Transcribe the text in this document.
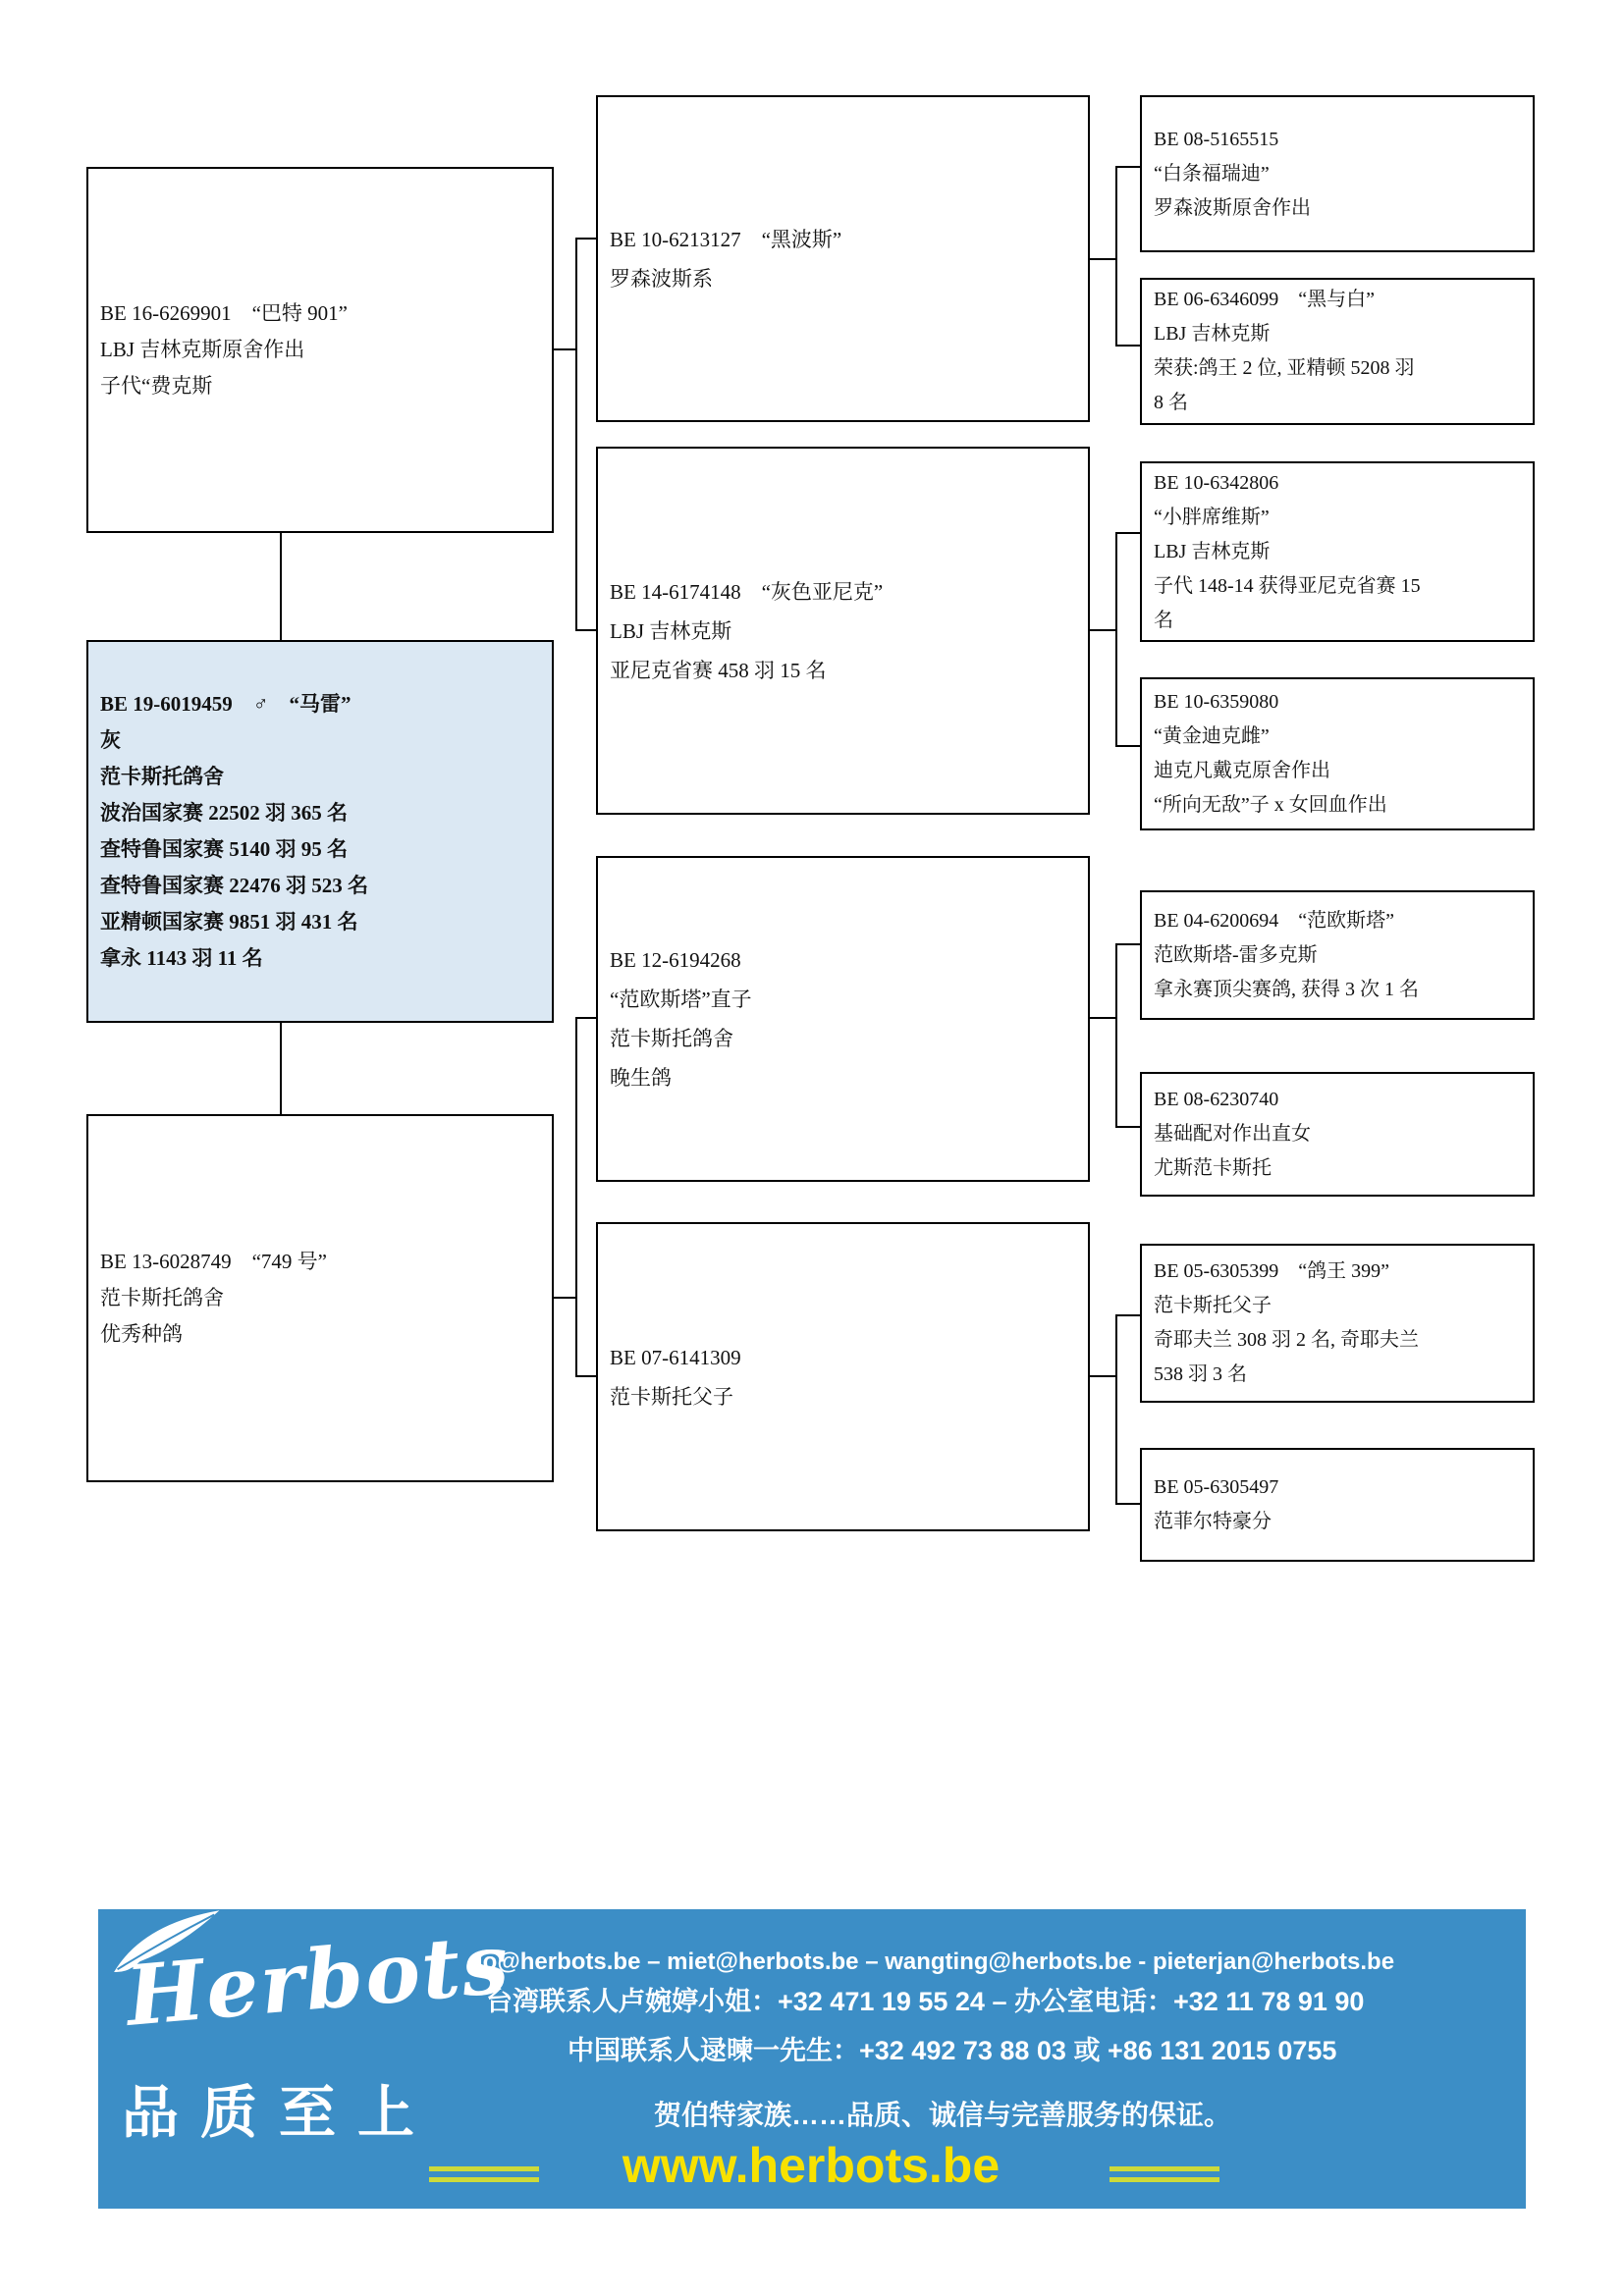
BE 16-6269901　“巴特 901”
LBJ 吉林克斯原舍作出
子代“费克斯
BE 19-6019459　♂　“马雷”
灰
范卡斯托鸽舍
波治国家赛 22502 羽 365 名
查特鲁国家赛 5140 羽 95 名
查特鲁国家赛 22476 羽 523 名
亚精顿国家赛 9851 羽 431 名
拿永 1143 羽 11 名
BE 13-6028749　“749 号”
范卡斯托鸽舍
优秀种鸽
BE 10-6213127　“黑波斯”
罗森波斯系
BE 14-6174148　“灰色亚尼克”
LBJ 吉林克斯
亚尼克省赛 458 羽 15 名
BE 12-6194268
“范欧斯塔”直子
范卡斯托鸽舍
晚生鸽
BE 07-6141309
范卡斯托父子
BE 08-5165515
“白条福瑞迪”
罗森波斯原舍作出
BE 06-6346099　“黑与白”
LBJ 吉林克斯
荣获:鸽王 2 位, 亚精顿 5208 羽
8 名
BE 10-6342806
“小胖席维斯”
LBJ 吉林克斯
子代 148-14 获得亚尼克省赛 15
名
BE 10-6359080
“黄金迪克雌”
迪克凡戴克原舍作出
“所向无敌”子 x 女回血作出
BE 04-6200694　“范欧斯塔”
范欧斯塔-雷多克斯
拿永赛顶尖赛鸽, 获得 3 次 1 名
BE 08-6230740
基础配对作出直女
尤斯范卡斯托
BE 05-6305399　“鸽王 399”
范卡斯托父子
奇耶夫兰 308 羽 2 名, 奇耶夫兰
538 羽 3 名
BE 05-6305497
范菲尔特豪分
Herbots
品质至上
jo@herbots.be – miet@herbots.be – wangting@herbots.be - pieterjan@herbots.be
台湾联系人卢婉婷小姐：+32 471 19 55 24 – 办公室电话：+32 11 78 91 90
中国联系人逯暕一先生：+32 492 73 88 03 或 +86 131 2015 0755
贺伯特家族……品质、诚信与完善服务的保证。
www.herbots.be
